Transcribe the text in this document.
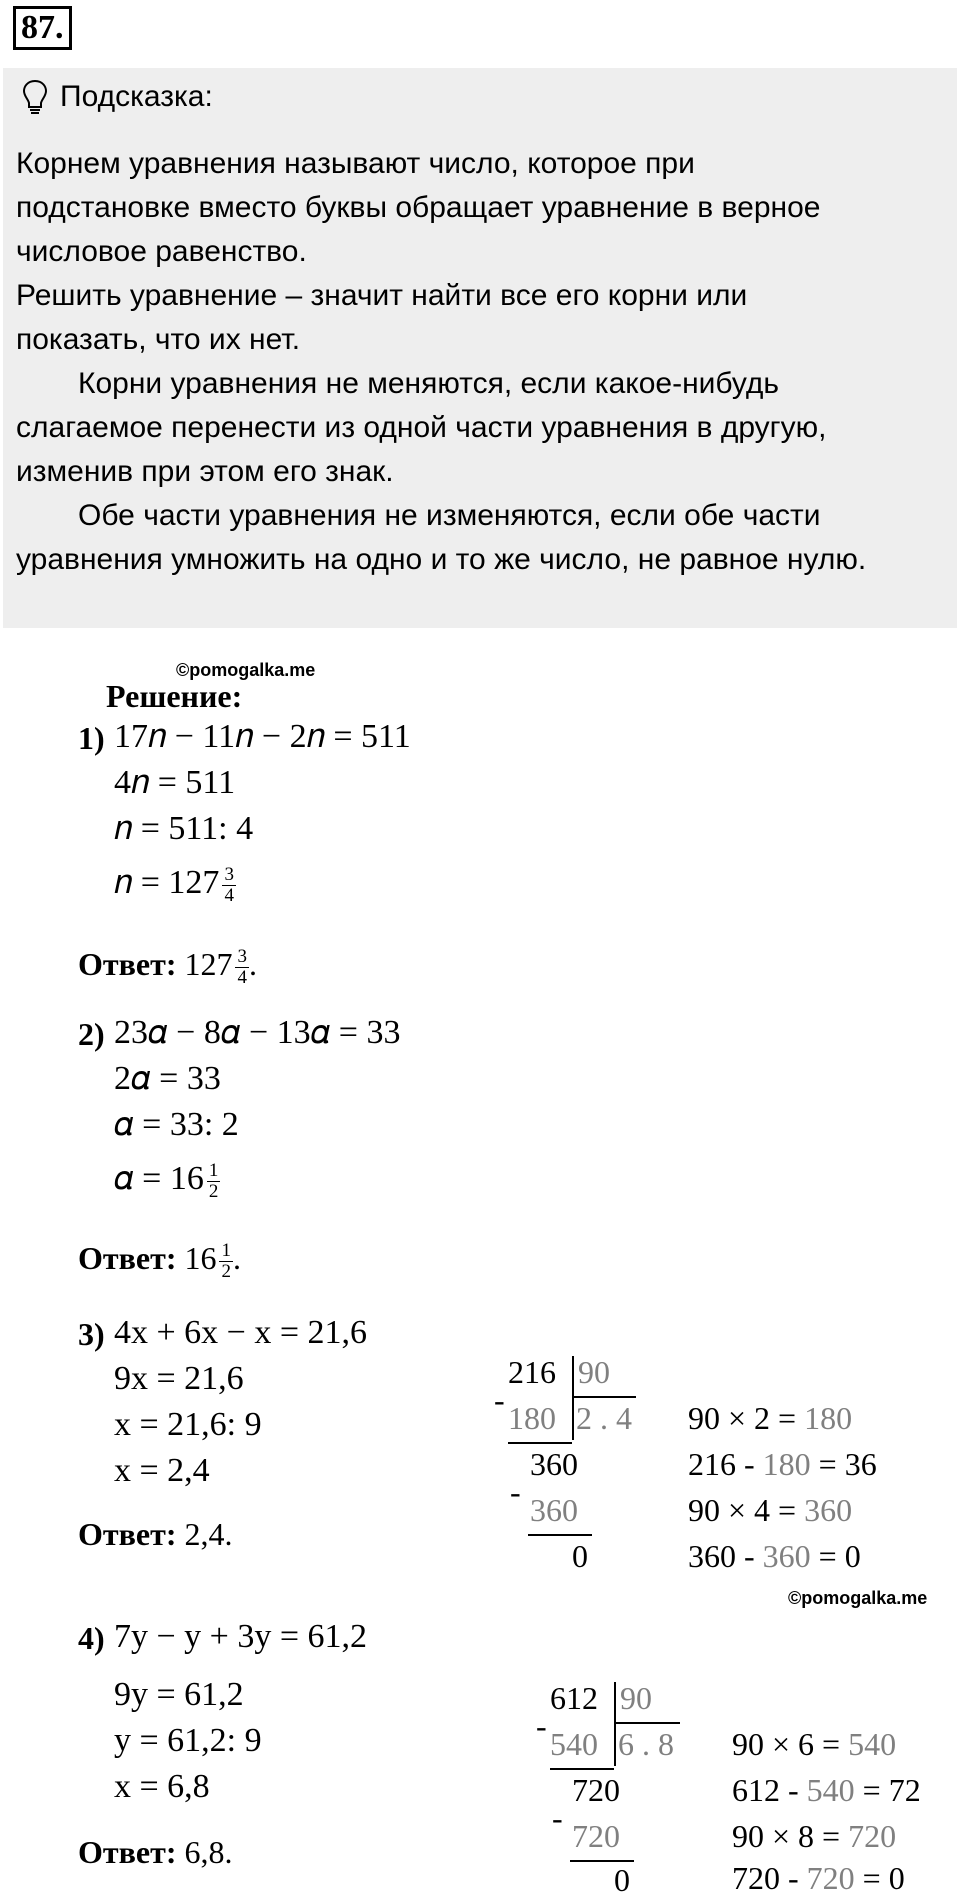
87.
Подсказка:
Корнем уравнения называют число, которое при
подстановке вместо буквы обращает уравнение в верное
числовое равенство.
Решить уравнение – значит найти все его корни или
показать, что их нет.
Корни уравнения не меняются, если какое-нибудь
слагаемое перенести из одной части уравнения в другую,
изменив при этом его знак.
Обе части уравнения не изменяются, если обе части
уравнения умножить на одно и то же число, не равное нулю.
©pomogalka.me
Решение:
1) 17𝑛 − 11𝑛 − 2𝑛 = 511
4𝑛 = 511
𝑛 = 511: 4
𝑛 = $127 \frac{3}{4}$
Ответ: $127 \frac{3}{4}$ .
2) 23𝛼 − 8𝛼 − 13𝛼 = 33
2𝛼 = 33
𝛼 = 33: 2
𝛼 = $16 \frac{1}{2}$
Ответ: $16 \frac{1}{2}$ .
3) 4x + 6x − x = 21,6
9x = 21,6
x = 21,6: 9
x = 2,4
Ответ: 2,4.
216 90
- 180 2 . 4
360
- 360
0
90 × 2 = 180
216 - 180 = 36
90 × 4 = 360
360 - 360 = 0
©pomogalka.me
4) 7y − y + 3y = 61,2
9y = 61,2
y = 61,2: 9
x = 6,8
Ответ: 6,8.
612 90
- 540 6 . 8
720
- 720
0
90 × 6 = 540
612 - 540 = 72
90 × 8 = 720
720 - 720 = 0
